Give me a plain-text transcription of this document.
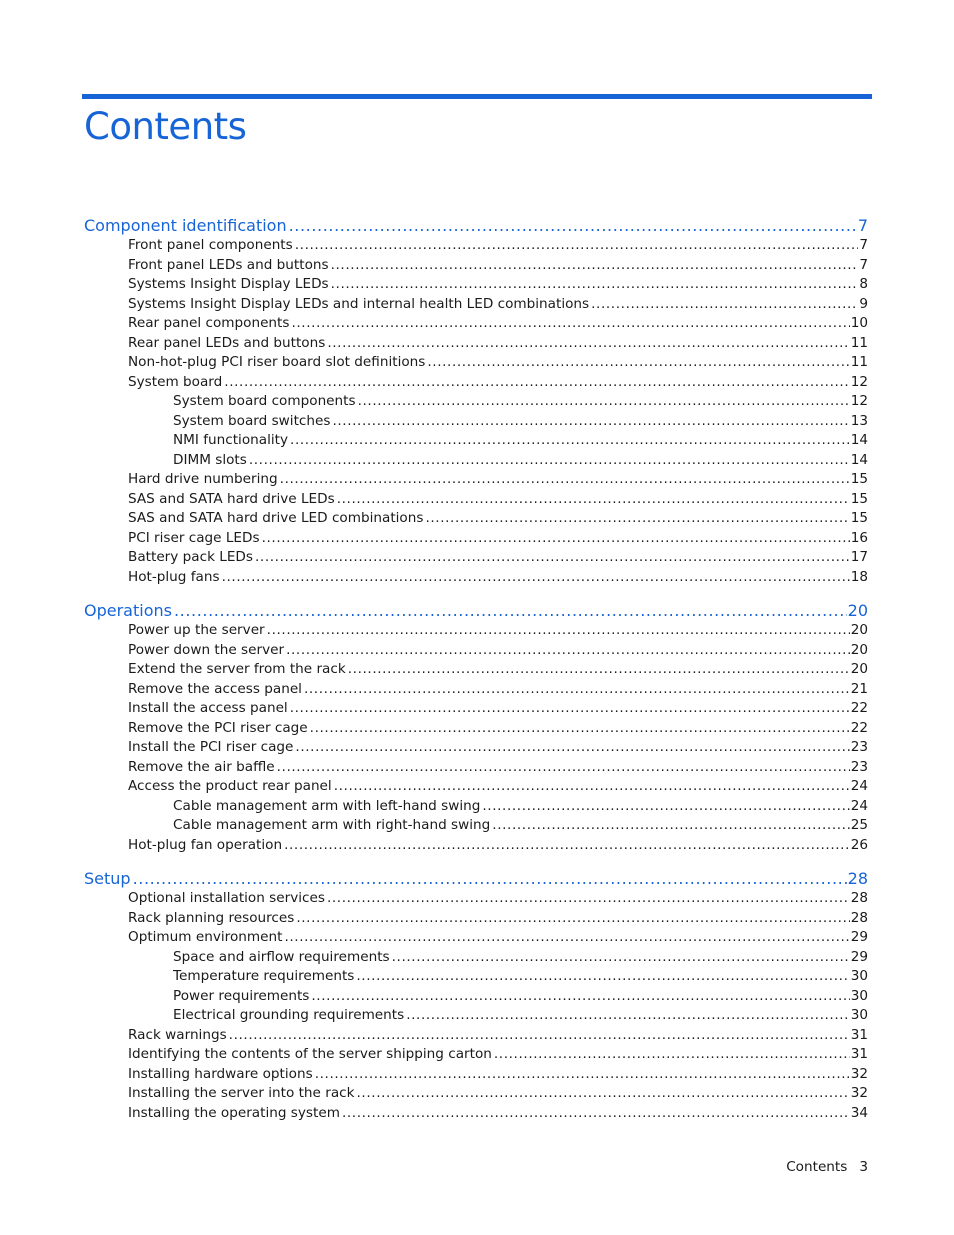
Contents
Component identification .....	7
Front panel components .....	7
Front panel LEDs and buttons .....	7
Systems Insight Display LEDs .....	8
Systems Insight Display LEDs and internal health LED combinations .....	9
Rear panel components .....	10
Rear panel LEDs and buttons .....	11
Non-hot-plug PCI riser board slot definitions .....	11
System board .....	12
System board components .....	12
System board switches .....	13
NMI functionality .....	14
DIMM slots .....	14
Hard drive numbering .....	15
SAS and SATA hard drive LEDs .....	15
SAS and SATA hard drive LED combinations .....	15
PCI riser cage LEDs .....	16
Battery pack LEDs .....	17
Hot-plug fans .....	18
Operations .....	20
Power up the server .....	20
Power down the server .....	20
Extend the server from the rack .....	20
Remove the access panel .....	21
Install the access panel .....	22
Remove the PCI riser cage .....	22
Install the PCI riser cage .....	23
Remove the air baffle .....	23
Access the product rear panel .....	24
Cable management arm with left-hand swing .....	24
Cable management arm with right-hand swing .....	25
Hot-plug fan operation .....	26
Setup .....	28
Optional installation services .....	28
Rack planning resources .....	28
Optimum environment .....	29
Space and airflow requirements .....	29
Temperature requirements .....	30
Power requirements .....	30
Electrical grounding requirements .....	30
Rack warnings .....	31
Identifying the contents of the server shipping carton .....	31
Installing hardware options .....	32
Installing the server into the rack .....	32
Installing the operating system .....	34
Contents 3
